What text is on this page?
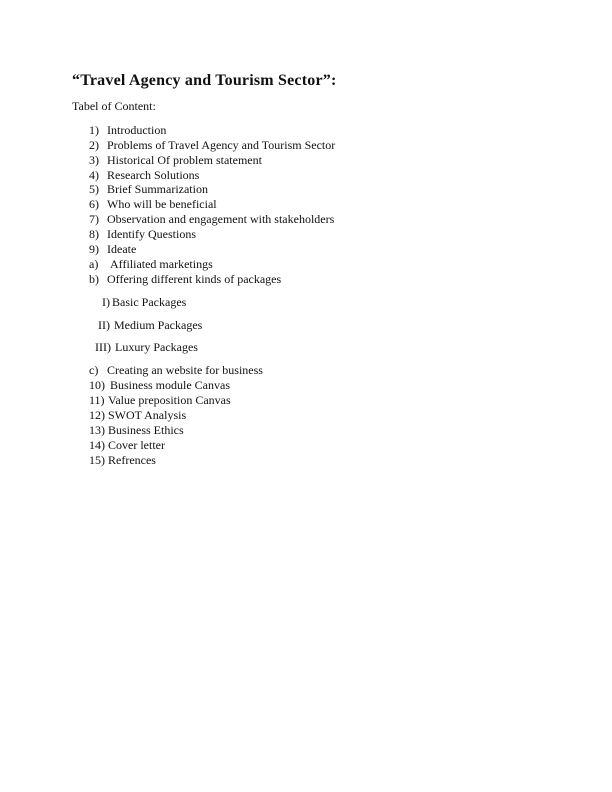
“Travel Agency and Tourism Sector”:
Tabel of Content:
1) Introduction
2) Problems of Travel Agency and Tourism Sector
3) Historical Of problem statement
4) Research Solutions
5) Brief Summarization
6) Who will be beneficial
7) Observation and engagement with stakeholders
8) Identify Questions
9) Ideate
a) Affiliated marketings
b) Offering different kinds of packages
I) Basic Packages
II) Medium Packages
III) Luxury Packages
c) Creating an website for business
10) Business module Canvas
11) Value preposition Canvas
12) SWOT Analysis
13) Business Ethics
14) Cover letter
15) Refrences
